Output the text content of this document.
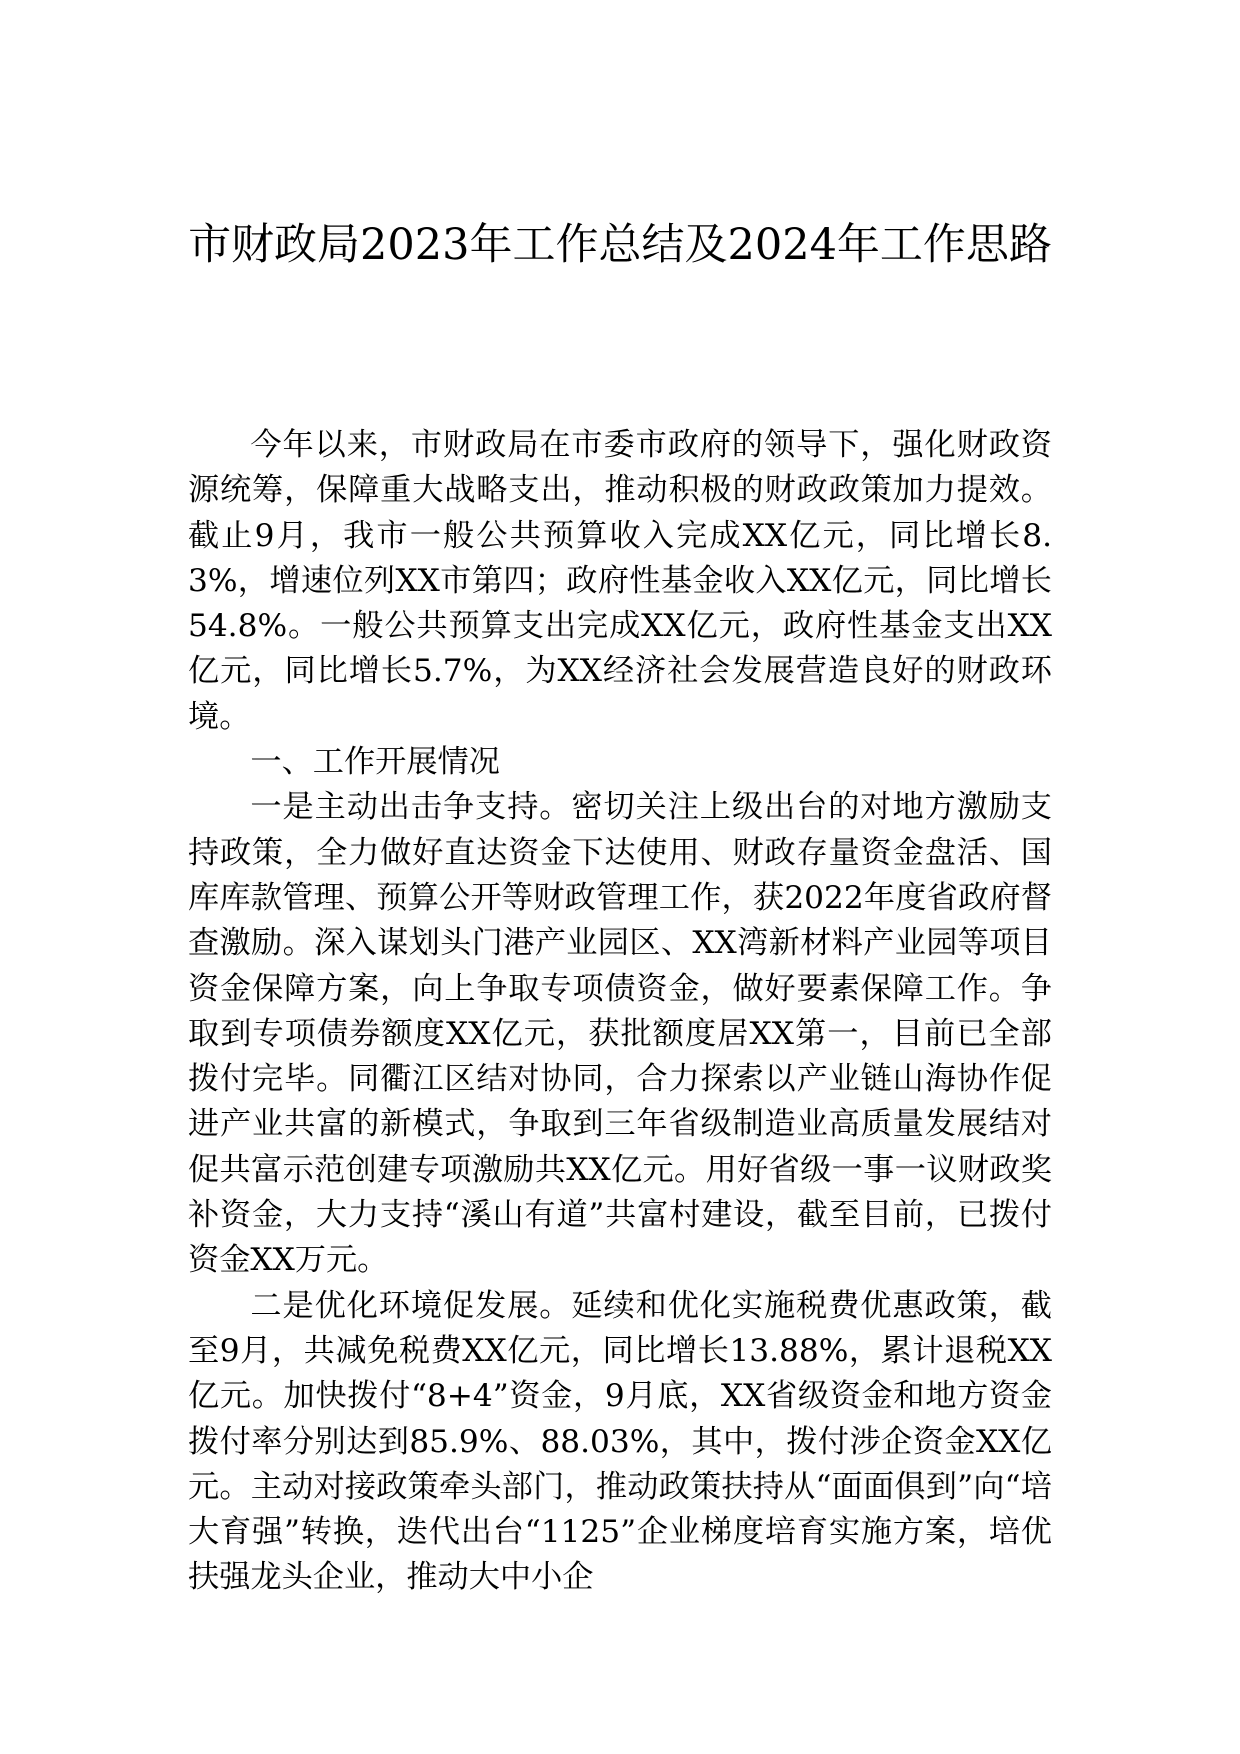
市财政局2023年工作总结及2024年工作思路

今年以来，市财政局在市委市政府的领导下，强化财政资源统筹，保障重大战略支出，推动积极的财政政策加力提效。截止9月，我市一般公共预算收入完成XX亿元，同比增长8.3%，增速位列XX市第四；政府性基金收入XX亿元，同比增长54.8%。一般公共预算支出完成XX亿元，政府性基金支出XX亿元，同比增长5.7%，为XX经济社会发展营造良好的财政环境。

一、工作开展情况

一是主动出击争支持。密切关注上级出台的对地方激励支持政策，全力做好直达资金下达使用、财政存量资金盘活、国库库款管理、预算公开等财政管理工作，获2022年度省政府督查激励。深入谋划头门港产业园区、XX湾新材料产业园等项目资金保障方案，向上争取专项债资金，做好要素保障工作。争取到专项债券额度XX亿元，获批额度居XX第一，目前已全部拨付完毕。同衢江区结对协同，合力探索以产业链山海协作促进产业共富的新模式，争取到三年省级制造业高质量发展结对促共富示范创建专项激励共XX亿元。用好省级一事一议财政奖补资金，大力支持“溪山有道”共富村建设，截至目前，已拨付资金XX万元。

二是优化环境促发展。延续和优化实施税费优惠政策，截至9月，共减免税费XX亿元，同比增长13.88%，累计退税XX亿元。加快拨付“8+4”资金，9月底，XX省级资金和地方资金拨付率分别达到85.9%、88.03%，其中，拨付涉企资金XX亿元。主动对接政策牵头部门，推动政策扶持从“面面俱到”向“培大育强”转换，迭代出台“1125”企业梯度培育实施方案，培优扶强龙头企业，推动大中小企
